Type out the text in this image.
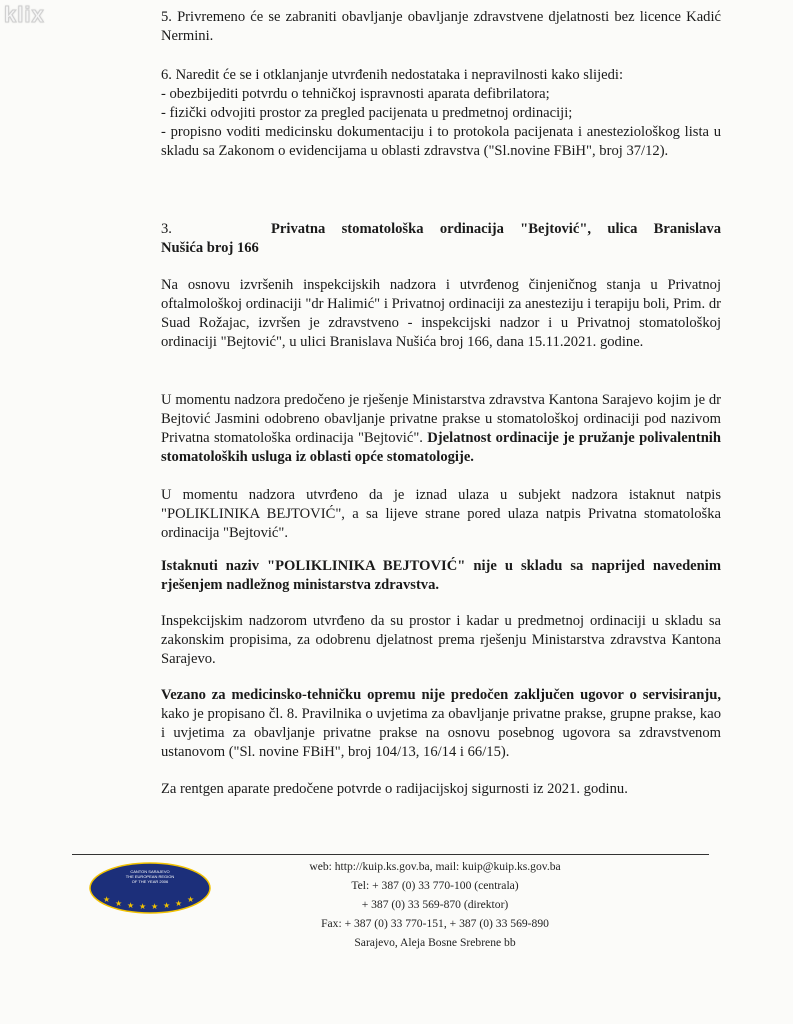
klix	5. Privremeno će se zabraniti obavljanje obavljanje zdravstvene djelatnosti bez licence Kadić Nermini.

6. Naredit će se i otklanjanje utvrđenih nedostataka i nepravilnosti kako slijedi:

- obezbijediti potvrdu o tehničkoj ispravnosti aparata defibrilatora;

- fizički odvojiti prostor za pregled pacijenata u predmetnoj ordinaciji;

- propisno voditi medicinsku dokumentaciju i to protokola pacijenata i anesteziološkog lista u skladu sa Zakonom o evidencijama u oblasti zdravstva ("Sl.novine FBiH", broj 37/12).

3.	Privatna stomatološka ordinacija "Bejtović", ulica Branislava

Nušića broj 166

Na osnovu izvršenih inspekcijskih nadzora i utvrđenog činjeničnog stanja u Privatnoj oftalmološkoj ordinaciji "dr Halimić" i Privatnoj ordinaciji za anesteziju i terapiju boli, Prim. dr Suad Rožajac, izvršen je zdravstveno - inspekcijski nadzor i u Privatnoj stomatološkoj ordinaciji "Bejtović", u ulici Branislava Nušića broj 166, dana 15.11.2021. godine.

U momentu nadzora predočeno je rješenje Ministarstva zdravstva Kantona Sarajevo kojim je dr Bejtović Jasmini odobreno obavljanje privatne prakse u stomatološkoj ordinaciji pod nazivom Privatna stomatološka ordinacija "Bejtović". Djelatnost ordinacije je pružanje polivalentnih stomatoloških usluga iz oblasti opće stomatologije.

U momentu nadzora utvrđeno da je iznad ulaza u subjekt nadzora istaknut natpis "POLIKLINIKA BEJTOVIĆ", a sa lijeve strane pored ulaza natpis Privatna stomatološka ordinacija "Bejtović".

Istaknuti naziv "POLIKLINIKA BEJTOVIĆ" nije u skladu sa naprijed navedenim rješenjem nadležnog ministarstva zdravstva.

Inspekcijskim nadzorom utvrđeno da su prostor i kadar u predmetnoj ordinaciji u skladu sa zakonskim propisima, za odobrenu djelatnost prema rješenju Ministarstva zdravstva Kantona Sarajevo.

Vezano za medicinsko-tehničku opremu nije predočen zaključen ugovor o servisiranju, kako je propisano čl. 8. Pravilnika o uvjetima za obavljanje privatne prakse, grupne prakse, kao i uvjetima za obavljanje privatne prakse na osnovu posebnog ugovora sa zdravstvenom ustanovom ("Sl. novine FBiH", broj 104/13, 16/14 i 66/15).

Za rentgen aparate predočene potvrde o radijacijskoj sigurnosti iz 2021. godinu.

CANTON SARAJEVO
THE EUROPEAN REGION
OF THE YEAR 2006
★ ★ ★ ★ ★ ★ ★ ★
web: http://kuip.ks.gov.ba, mail: kuip@kuip.ks.gov.ba
Tel: + 387 (0) 33 770-100 (centrala)
+ 387 (0) 33 569-870 (direktor)
Fax: + 387 (0) 33 770-151, + 387 (0) 33 569-890
Sarajevo, Aleja Bosne Srebrene bb
